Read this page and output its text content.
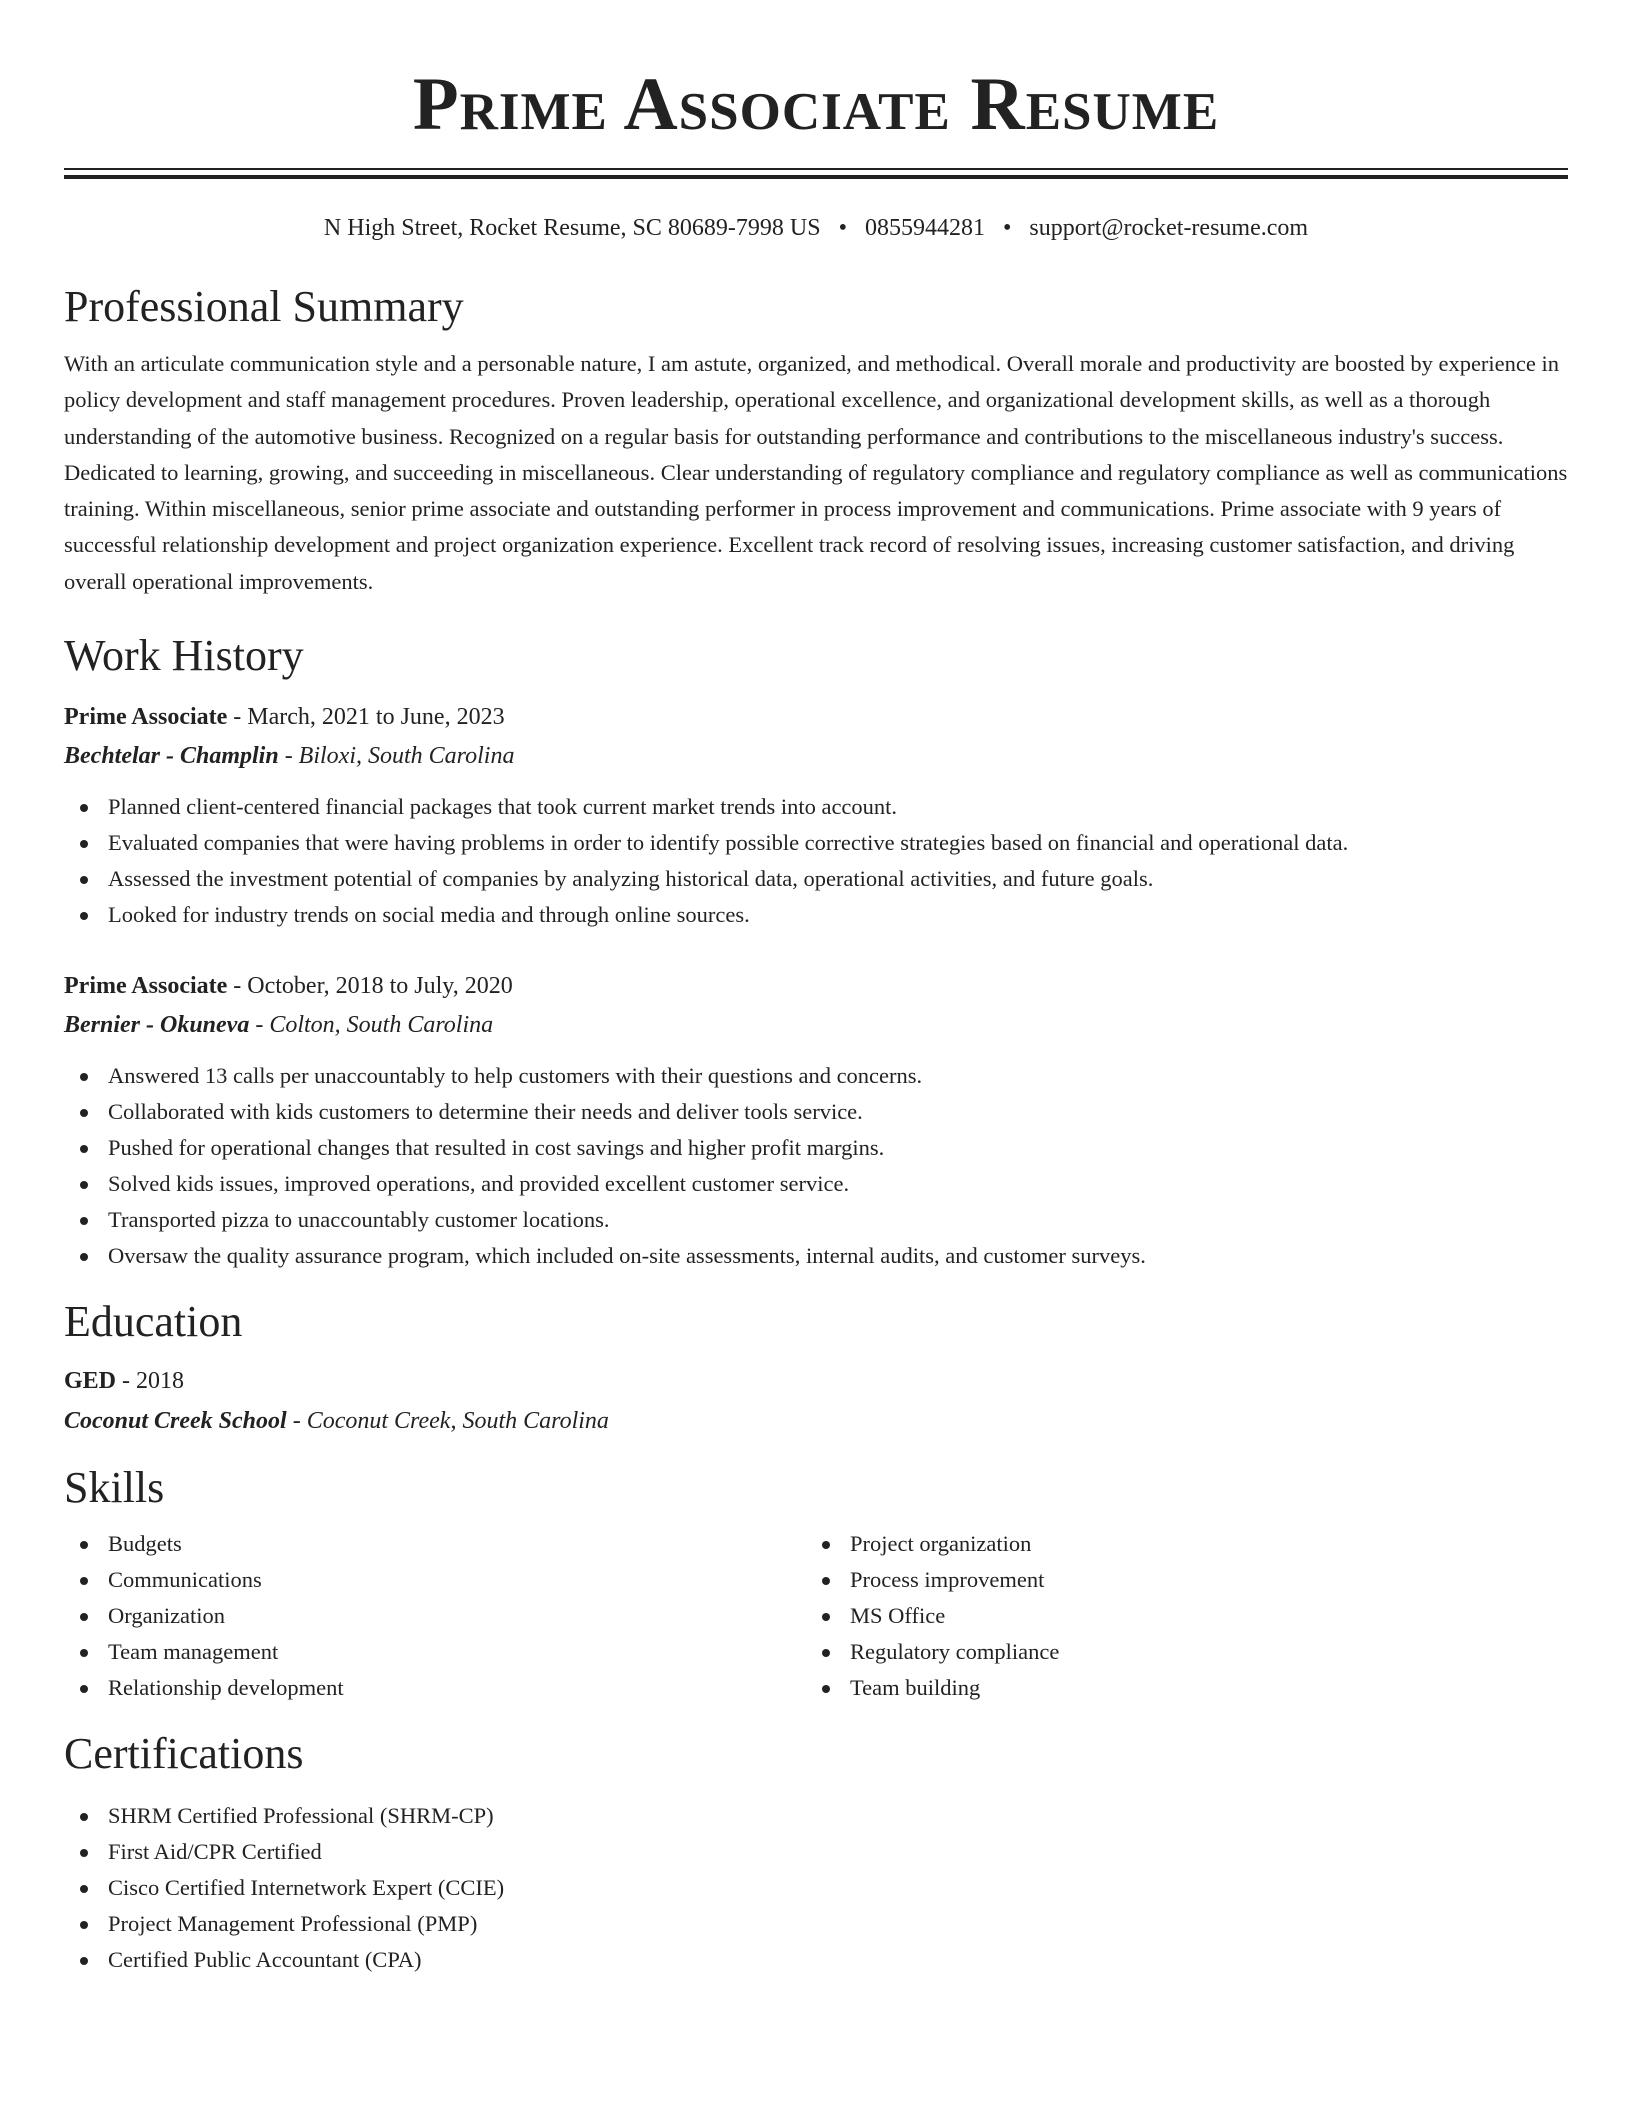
Prime Associate Resume
N High Street, Rocket Resume, SC 80689-7998 US • 0855944281 • support@rocket-resume.com
Professional Summary

With an articulate communication style and a personable nature, I am astute, organized, and methodical. Overall morale and productivity are boosted by experience in policy development and staff management procedures. Proven leadership, operational excellence, and organizational development skills, as well as a thorough understanding of the automotive business. Recognized on a regular basis for outstanding performance and contributions to the miscellaneous industry's success. Dedicated to learning, growing, and succeeding in miscellaneous. Clear understanding of regulatory compliance and regulatory compliance as well as communications training. Within miscellaneous, senior prime associate and outstanding performer in process improvement and communications. Prime associate with 9 years of successful relationship development and project organization experience. Excellent track record of resolving issues, increasing customer satisfaction, and driving overall operational improvements.

Work History
Prime Associate - March, 2021 to June, 2023
Bechtelar - Champlin - Biloxi, South Carolina
Planned client-centered financial packages that took current market trends into account.
Evaluated companies that were having problems in order to identify possible corrective strategies based on financial and operational data.
Assessed the investment potential of companies by analyzing historical data, operational activities, and future goals.
Looked for industry trends on social media and through online sources.
Prime Associate - October, 2018 to July, 2020
Bernier - Okuneva - Colton, South Carolina
Answered 13 calls per unaccountably to help customers with their questions and concerns.
Collaborated with kids customers to determine their needs and deliver tools service.
Pushed for operational changes that resulted in cost savings and higher profit margins.
Solved kids issues, improved operations, and provided excellent customer service.
Transported pizza to unaccountably customer locations.
Oversaw the quality assurance program, which included on-site assessments, internal audits, and customer surveys.
Education
GED - 2018
Coconut Creek School - Coconut Creek, South Carolina
Skills
Budgets
Communications
Organization
Team management
Relationship development
Project organization
Process improvement
MS Office
Regulatory compliance
Team building
Certifications
SHRM Certified Professional (SHRM-CP)
First Aid/CPR Certified
Cisco Certified Internetwork Expert (CCIE)
Project Management Professional (PMP)
Certified Public Accountant (CPA)
